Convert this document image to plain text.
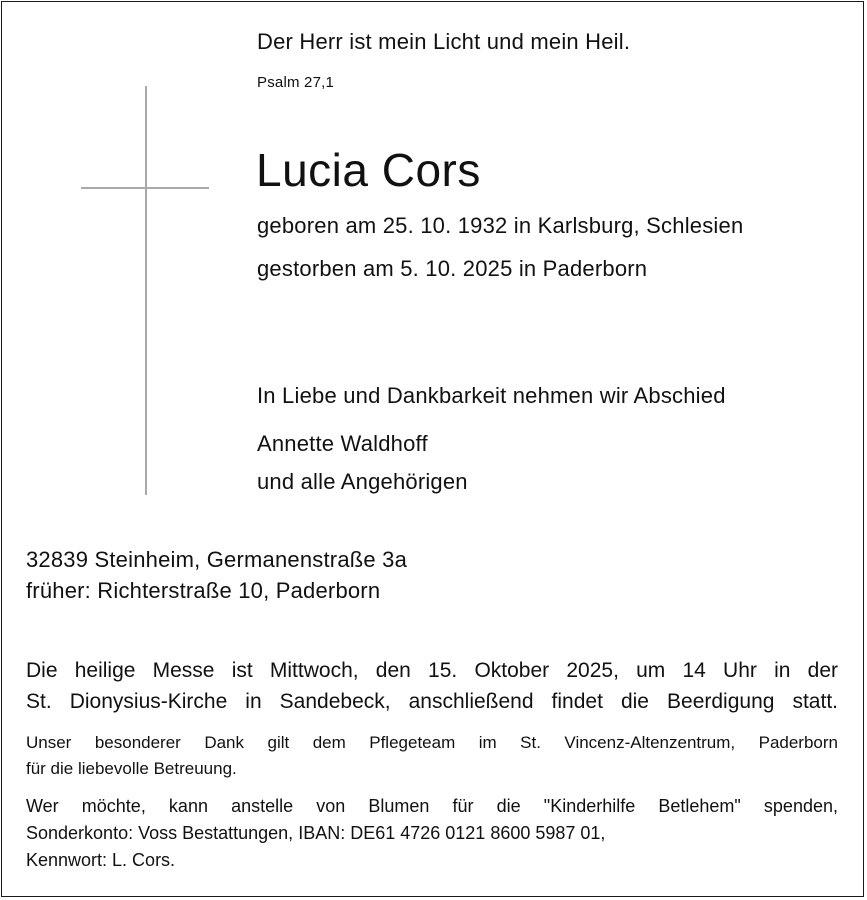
Der Herr ist mein Licht und mein Heil.
Psalm 27,1
Lucia Cors
geboren am 25. 10. 1932 in Karlsburg, Schlesien
gestorben am 5. 10. 2025 in Paderborn
In Liebe und Dankbarkeit nehmen wir Abschied
Annette Waldhoff
und alle Angehörigen
32839 Steinheim, Germanenstraße 3a
früher: Richterstraße 10, Paderborn
Die heilige Messe ist Mittwoch, den 15. Oktober 2025, um 14 Uhr in der
St. Dionysius-Kirche in Sandebeck, anschließend findet die Beerdigung statt.
Unser besonderer Dank gilt dem Pflegeteam im St. Vincenz-Altenzentrum, Paderborn
für die liebevolle Betreuung.
Wer möchte, kann anstelle von Blumen für die "Kinderhilfe Betlehem" spenden,
Sonderkonto: Voss Bestattungen, IBAN: DE61 4726 0121 8600 5987 01,
Kennwort: L. Cors.
